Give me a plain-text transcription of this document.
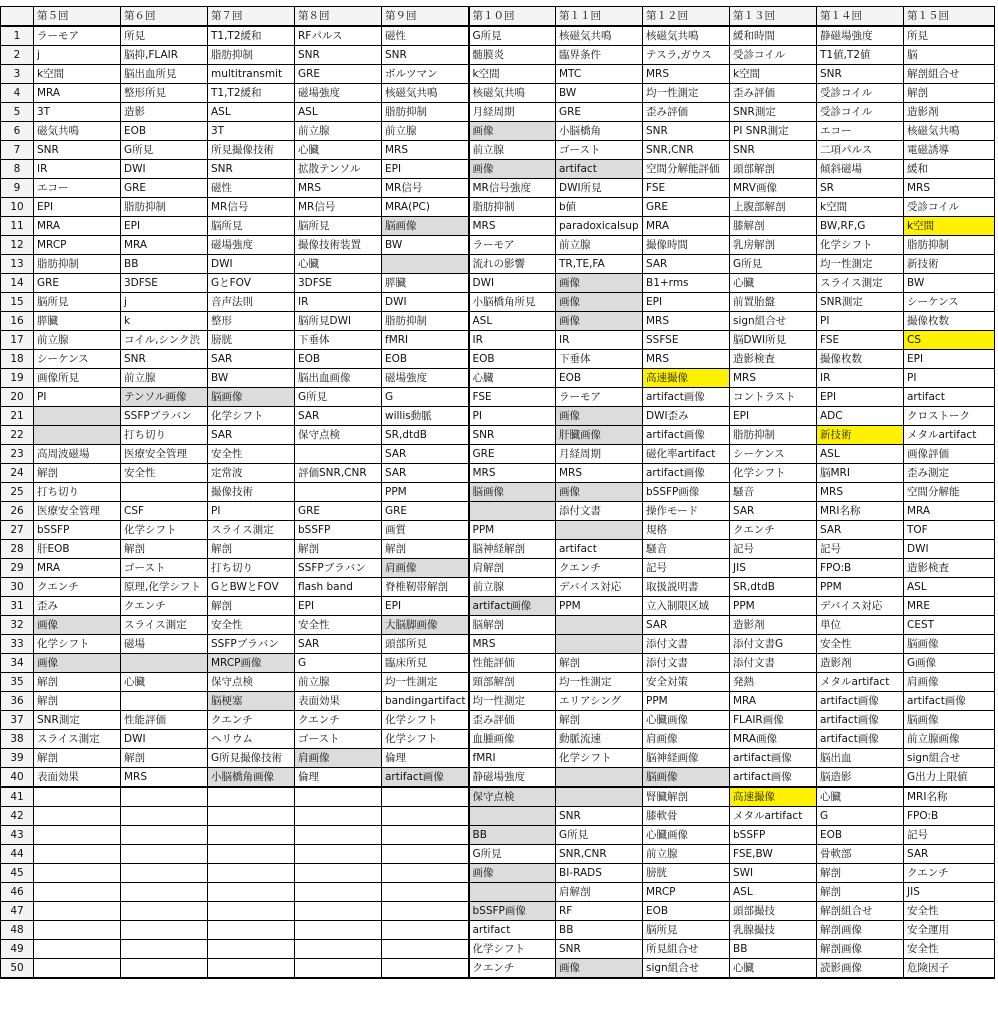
	第５回	第６回	第７回	第８回	第９回	第１０回	第１１回	第１２回	第１３回	第１４回	第１５回
1	ラーモア	所見	T1,T2緩和	RFパルス	磁性	G所見	核磁気共鳴	核磁気共鳴	緩和時間	静磁場強度	所見
2	j	脳抑,FLAIR	脂肪抑制	SNR	SNR	髄膜炎	臨界条件	テスラ,ガウス	受診コイル	T1値,T2値	脳
3	k空間	脳出血所見	multitransmit	GRE	ボルツマン	k空間	MTC	MRS	k空間	SNR	解剖組合せ
4	MRA	整形所見	T1,T2緩和	磁場強度	核磁気共鳴	核磁気共鳴	BW	均一性測定	歪み評価	受診コイル	解剖
5	3T	造影	ASL	ASL	脂肪抑制	月経周期	GRE	歪み評価	SNR測定	受診コイル	造影剤
6	磁気共鳴	EOB	3T	前立腺	前立腺	画像	小脳橋角	SNR	PI SNR測定	エコー	核磁気共鳴
7	SNR	G所見	所見撮像技術	心臓	MRS	前立腺	ゴースト	SNR,CNR	SNR	二項パルス	電磁誘導
8	IR	DWI	SNR	拡散テンソル	EPI	画像	artifact	空間分解能評価	頭部解剖	傾斜磁場	緩和
9	エコー	GRE	磁性	MRS	MR信号	MR信号強度	DWI所見	FSE	MRV画像	SR	MRS
10	EPI	脂肪抑制	MR信号	MR信号	MRA(PC)	脂肪抑制	b値	GRE	上腹部解剖	k空間	受診コイル
11	MRA	EPI	脳所見	脳所見	脳画像	MRS	paradoxicalsup	MRA	膝解剖	BW,RF,G	k空間
12	MRCP	MRA	磁場強度	撮像技術装置	BW	ラーモア	前立腺	撮像時間	乳房解剖	化学シフト	脂肪抑制
13	脂肪抑制	BB	DWI	心臓		流れの影響	TR,TE,FA	SAR	G所見	均一性測定	新技術
14	GRE	3DFSE	GとFOV	3DFSE	膵臓	DWI	画像	B1+rms	心臓	スライス測定	BW
15	脳所見	j	音声法則	IR	DWI	小脳橋角所見	画像	EPI	前置胎盤	SNR測定	シーケンス
16	膵臓	k	整形	脳所見DWI	脂肪抑制	ASL	画像	MRS	sign組合せ	PI	撮像枚数
17	前立腺	コイル,シンク渋	膀胱	下垂体	fMRI	IR	IR	SSFSE	脳DWI所見	FSE	CS
18	シーケンス	SNR	SAR	EOB	EOB	EOB	下垂体	MRS	造影検査	撮像枚数	EPI
19	画像所見	前立腺	BW	脳出血画像	磁場強度	心臓	EOB	高速撮像	MRS	IR	PI
20	PI	テンソル画像	脳画像	G所見	G	FSE	ラーモア	artifact画像	コントラスト	EPI	artifact
21		SSFPブラバン	化学シフト	SAR	willis動脈	PI	画像	DWI歪み	EPI	ADC	クロストーク
22		打ち切り	SAR	保守点検	SR,dtdB	SNR	肝臓画像	artifact画像	脂肪抑制	新技術	メタルartifact
23	高周波磁場	医療安全管理	安全性		SAR	GRE	月経周期	磁化率artifact	シーケンス	ASL	画像評価
24	解剖	安全性	定常波	評価SNR,CNR	SAR	MRS	MRS	artifact画像	化学シフト	脳MRI	歪み測定
25	打ち切り		撮像技術		PPM	脳画像	画像	bSSFP画像	騒音	MRS	空間分解能
26	医療安全管理	CSF	PI	GRE	GRE		添付文書	操作モード	SAR	MRI名称	MRA
27	bSSFP	化学シフト	スライス測定	bSSFP	画質	PPM		規格	クエンチ	SAR	TOF
28	肝EOB	解剖	解剖	解剖	解剖	脳神経解剖	artifact	騒音	記号	記号	DWI
29	MRA	ゴースト	打ち切り	SSFPブラバン	肩画像	肩解剖	クエンチ	記号	JIS	FPO:B	造影検査
30	クエンチ	原理,化学シフト	GとBWとFOV	flash band	脊椎靭帯解剖	前立腺	デバイス対応	取扱説明書	SR,dtdB	PPM	ASL
31	歪み	クエンチ	解剖	EPI	EPI	artifact画像	PPM	立入制限区域	PPM	デバイス対応	MRE
32	画像	スライス測定	安全性	安全性	大脳脚画像	脳解剖		SAR	造影剤	単位	CEST
33	化学シフト	磁場	SSFPブラバン	SAR	頭部所見	MRS		添付文書	添付文書G	安全性	脳画像
34	画像		MRCP画像	G	臨床所見	性能評価	解剖	添付文書	添付文書	造影剤	G画像
35	解剖	心臓	保守点検	前立腺	均一性測定	頸部解剖	均一性測定	安全対策	発熱	メタルartifact	肩画像
36	解剖		脳梗塞	表面効果	bandingartifact	均一性測定	エリアシング	PPM	MRA	artifact画像	artifact画像
37	SNR測定	性能評価	クエンチ	クエンチ	化学シフト	歪み評価	解剖	心臓画像	FLAIR画像	artifact画像	脳画像
38	スライス測定	DWI	ヘリウム	ゴースト	化学シフト	血腫画像	動脈流速	肩画像	MRA画像	artifact画像	前立腺画像
39	解剖	解剖	G所見撮像技術	肩画像	倫理	fMRI	化学シフト	脳神経画像	artifact画像	脳出血	sign組合せ
40	表面効果	MRS	小脳橋角画像	倫理	artifact画像	静磁場強度		脳画像	artifact画像	脳造影	G出力上限値
41						保守点検		腎臓解剖	高速撮像	心臓	MRI名称
42							SNR	膝軟骨	メタルartifact	G	FPO:B
43						BB	G所見	心臓画像	bSSFP	EOB	記号
44						G所見	SNR,CNR	前立腺	FSE,BW	骨軟部	SAR
45						画像	BI-RADS	膀胱	SWI	解剖	クエンチ
46							肩解剖	MRCP	ASL	解剖	JIS
47						bSSFP画像	RF	EOB	頭部撮技	解剖組合せ	安全性
48						artifact	BB	脳所見	乳腺撮技	解剖画像	安全運用
49						化学シフト	SNR	所見組合せ	BB	解剖画像	安全性
50						クエンチ	画像	sign組合せ	心臓	読影画像	危険因子
